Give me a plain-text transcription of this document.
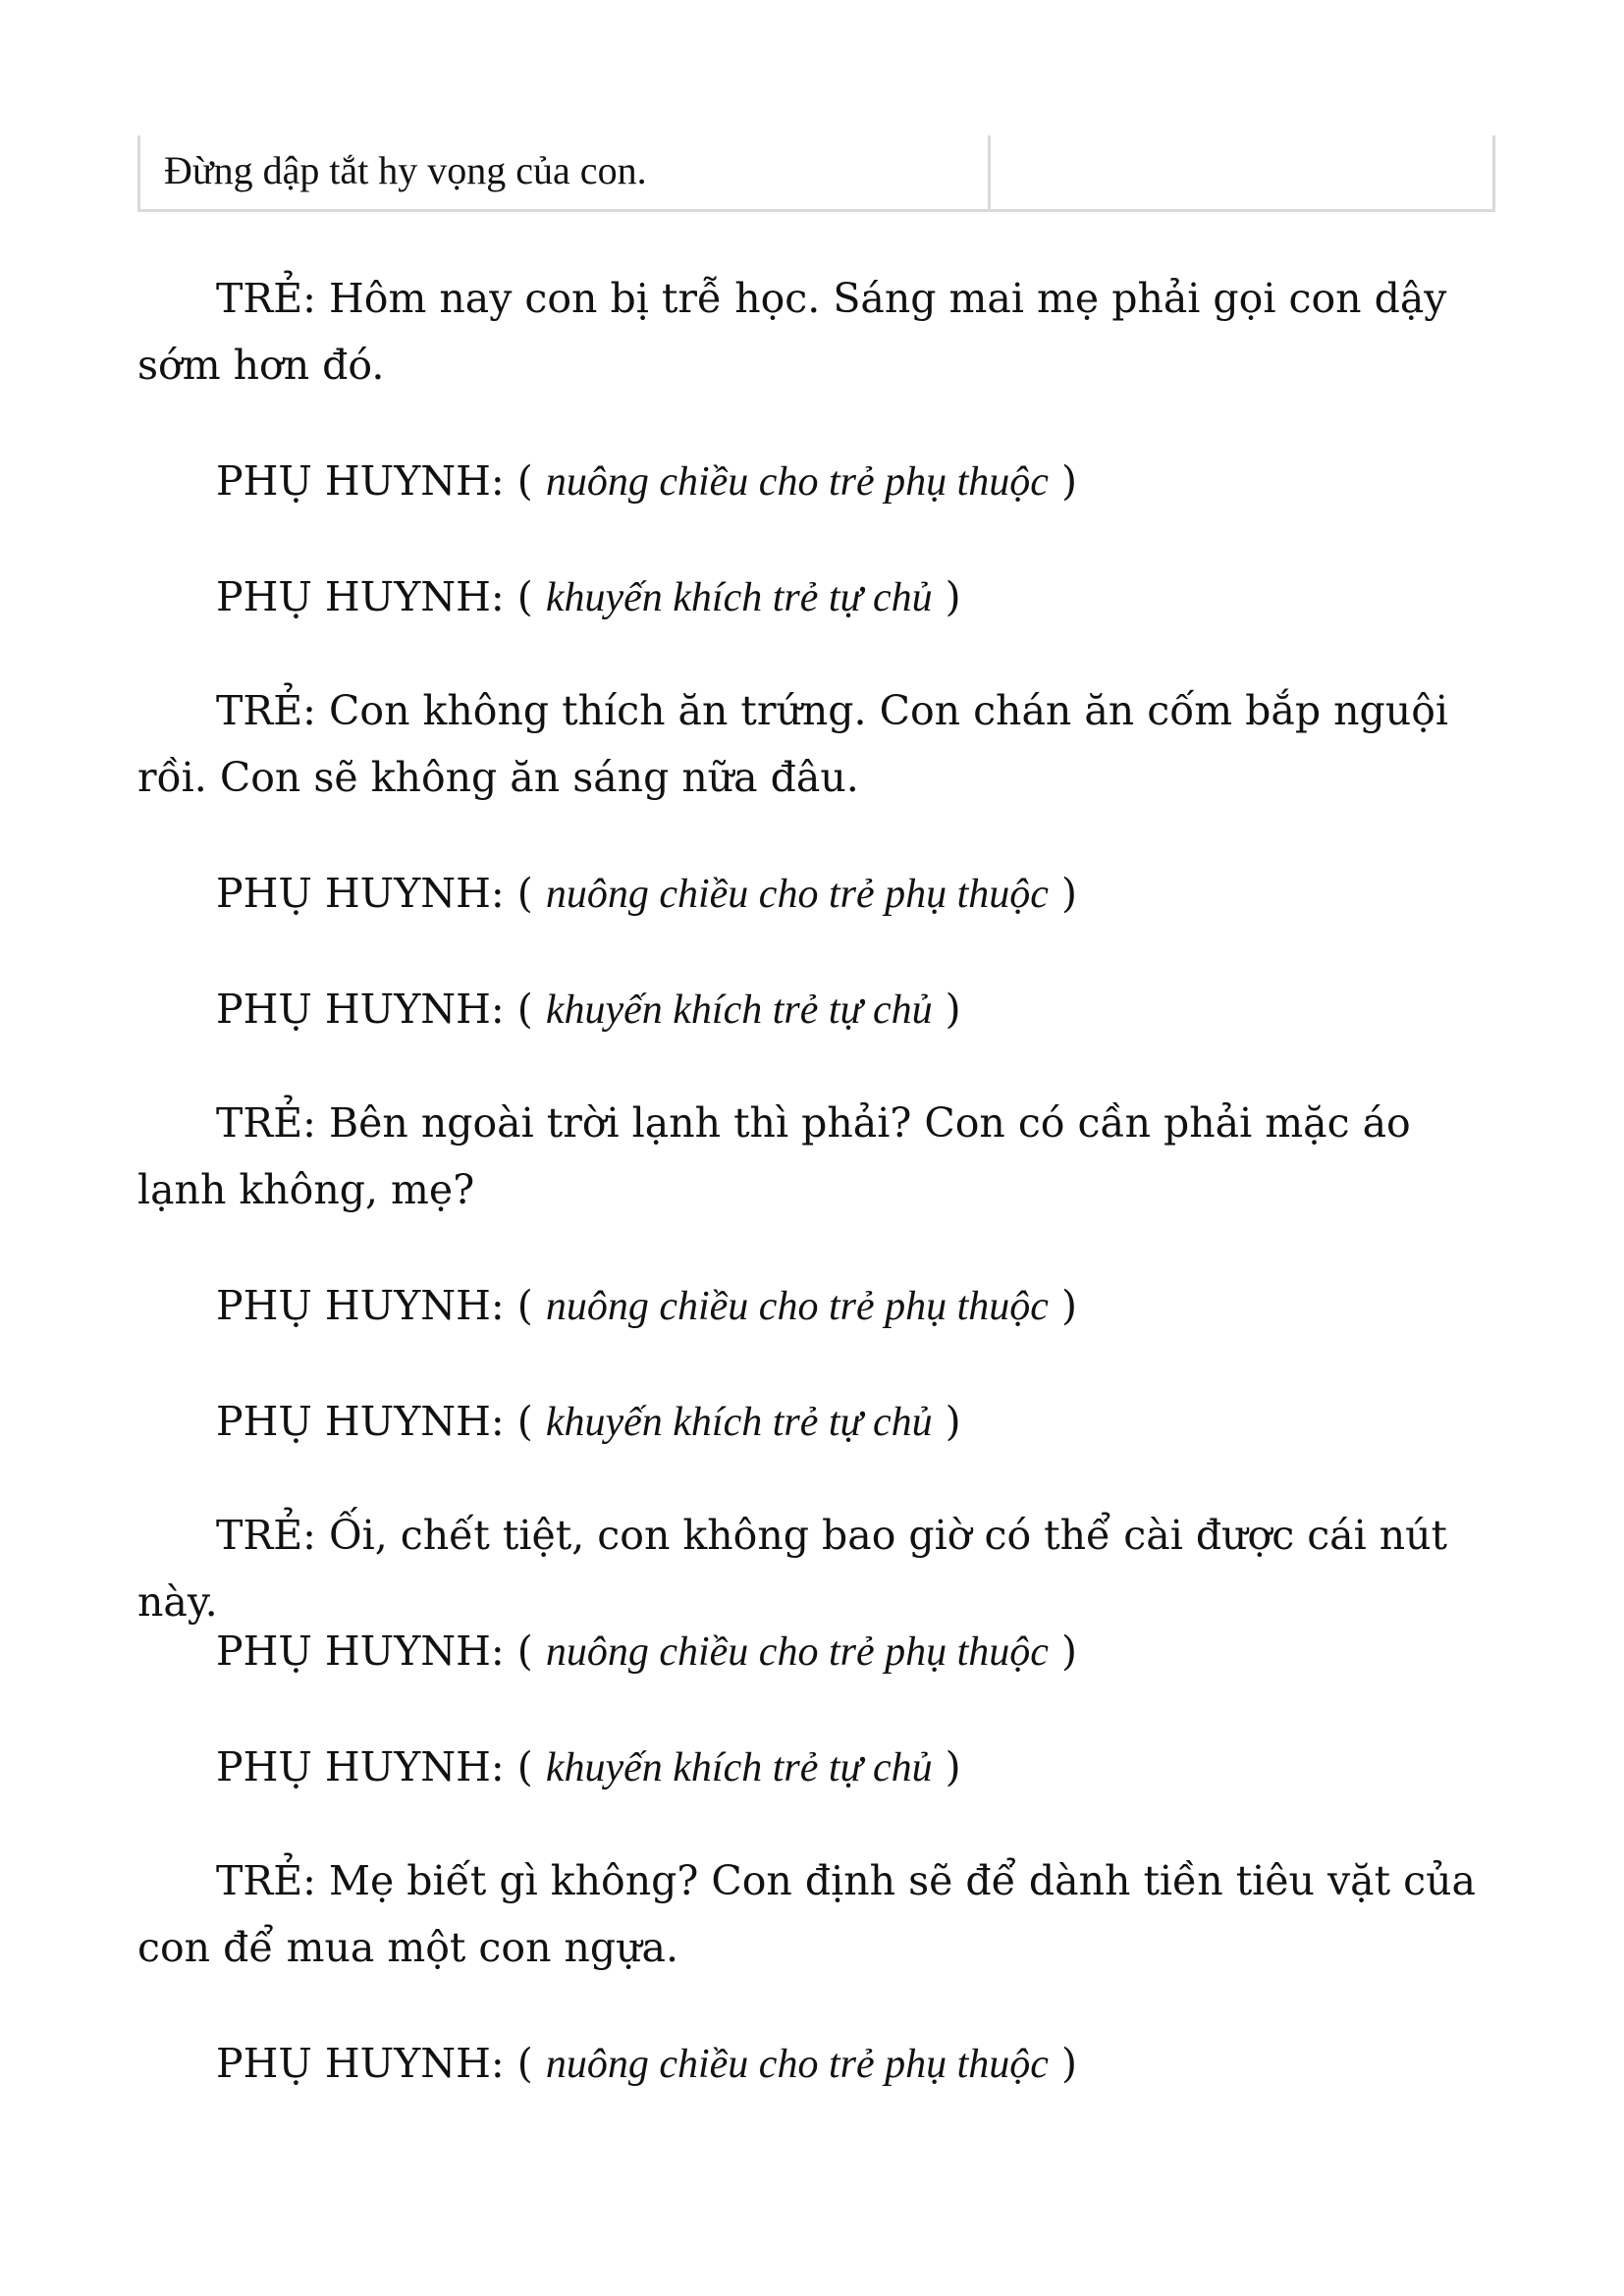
Đừng dập tắt hy vọng của con.

TRẺ: Hôm nay con bị trễ học. Sáng mai mẹ phải gọi con dậy sớm hơn đó.

PHỤ HUYNH: ( nuông chiều cho trẻ phụ thuộc )

PHỤ HUYNH: ( khuyến khích trẻ tự chủ )

TRẺ: Con không thích ăn trứng. Con chán ăn cốm bắp nguội rồi. Con sẽ không ăn sáng nữa đâu.

PHỤ HUYNH: ( nuông chiều cho trẻ phụ thuộc )

PHỤ HUYNH: ( khuyến khích trẻ tự chủ )

TRẺ: Bên ngoài trời lạnh thì phải? Con có cần phải mặc áo lạnh không, mẹ?

PHỤ HUYNH: ( nuông chiều cho trẻ phụ thuộc )

PHỤ HUYNH: ( khuyến khích trẻ tự chủ )

TRẺ: Ối, chết tiệt, con không bao giờ có thể cài được cái nút này.

PHỤ HUYNH: ( nuông chiều cho trẻ phụ thuộc )

PHỤ HUYNH: ( khuyến khích trẻ tự chủ )

TRẺ: Mẹ biết gì không? Con định sẽ để dành tiền tiêu vặt của con để mua một con ngựa.

PHỤ HUYNH: ( nuông chiều cho trẻ phụ thuộc )
